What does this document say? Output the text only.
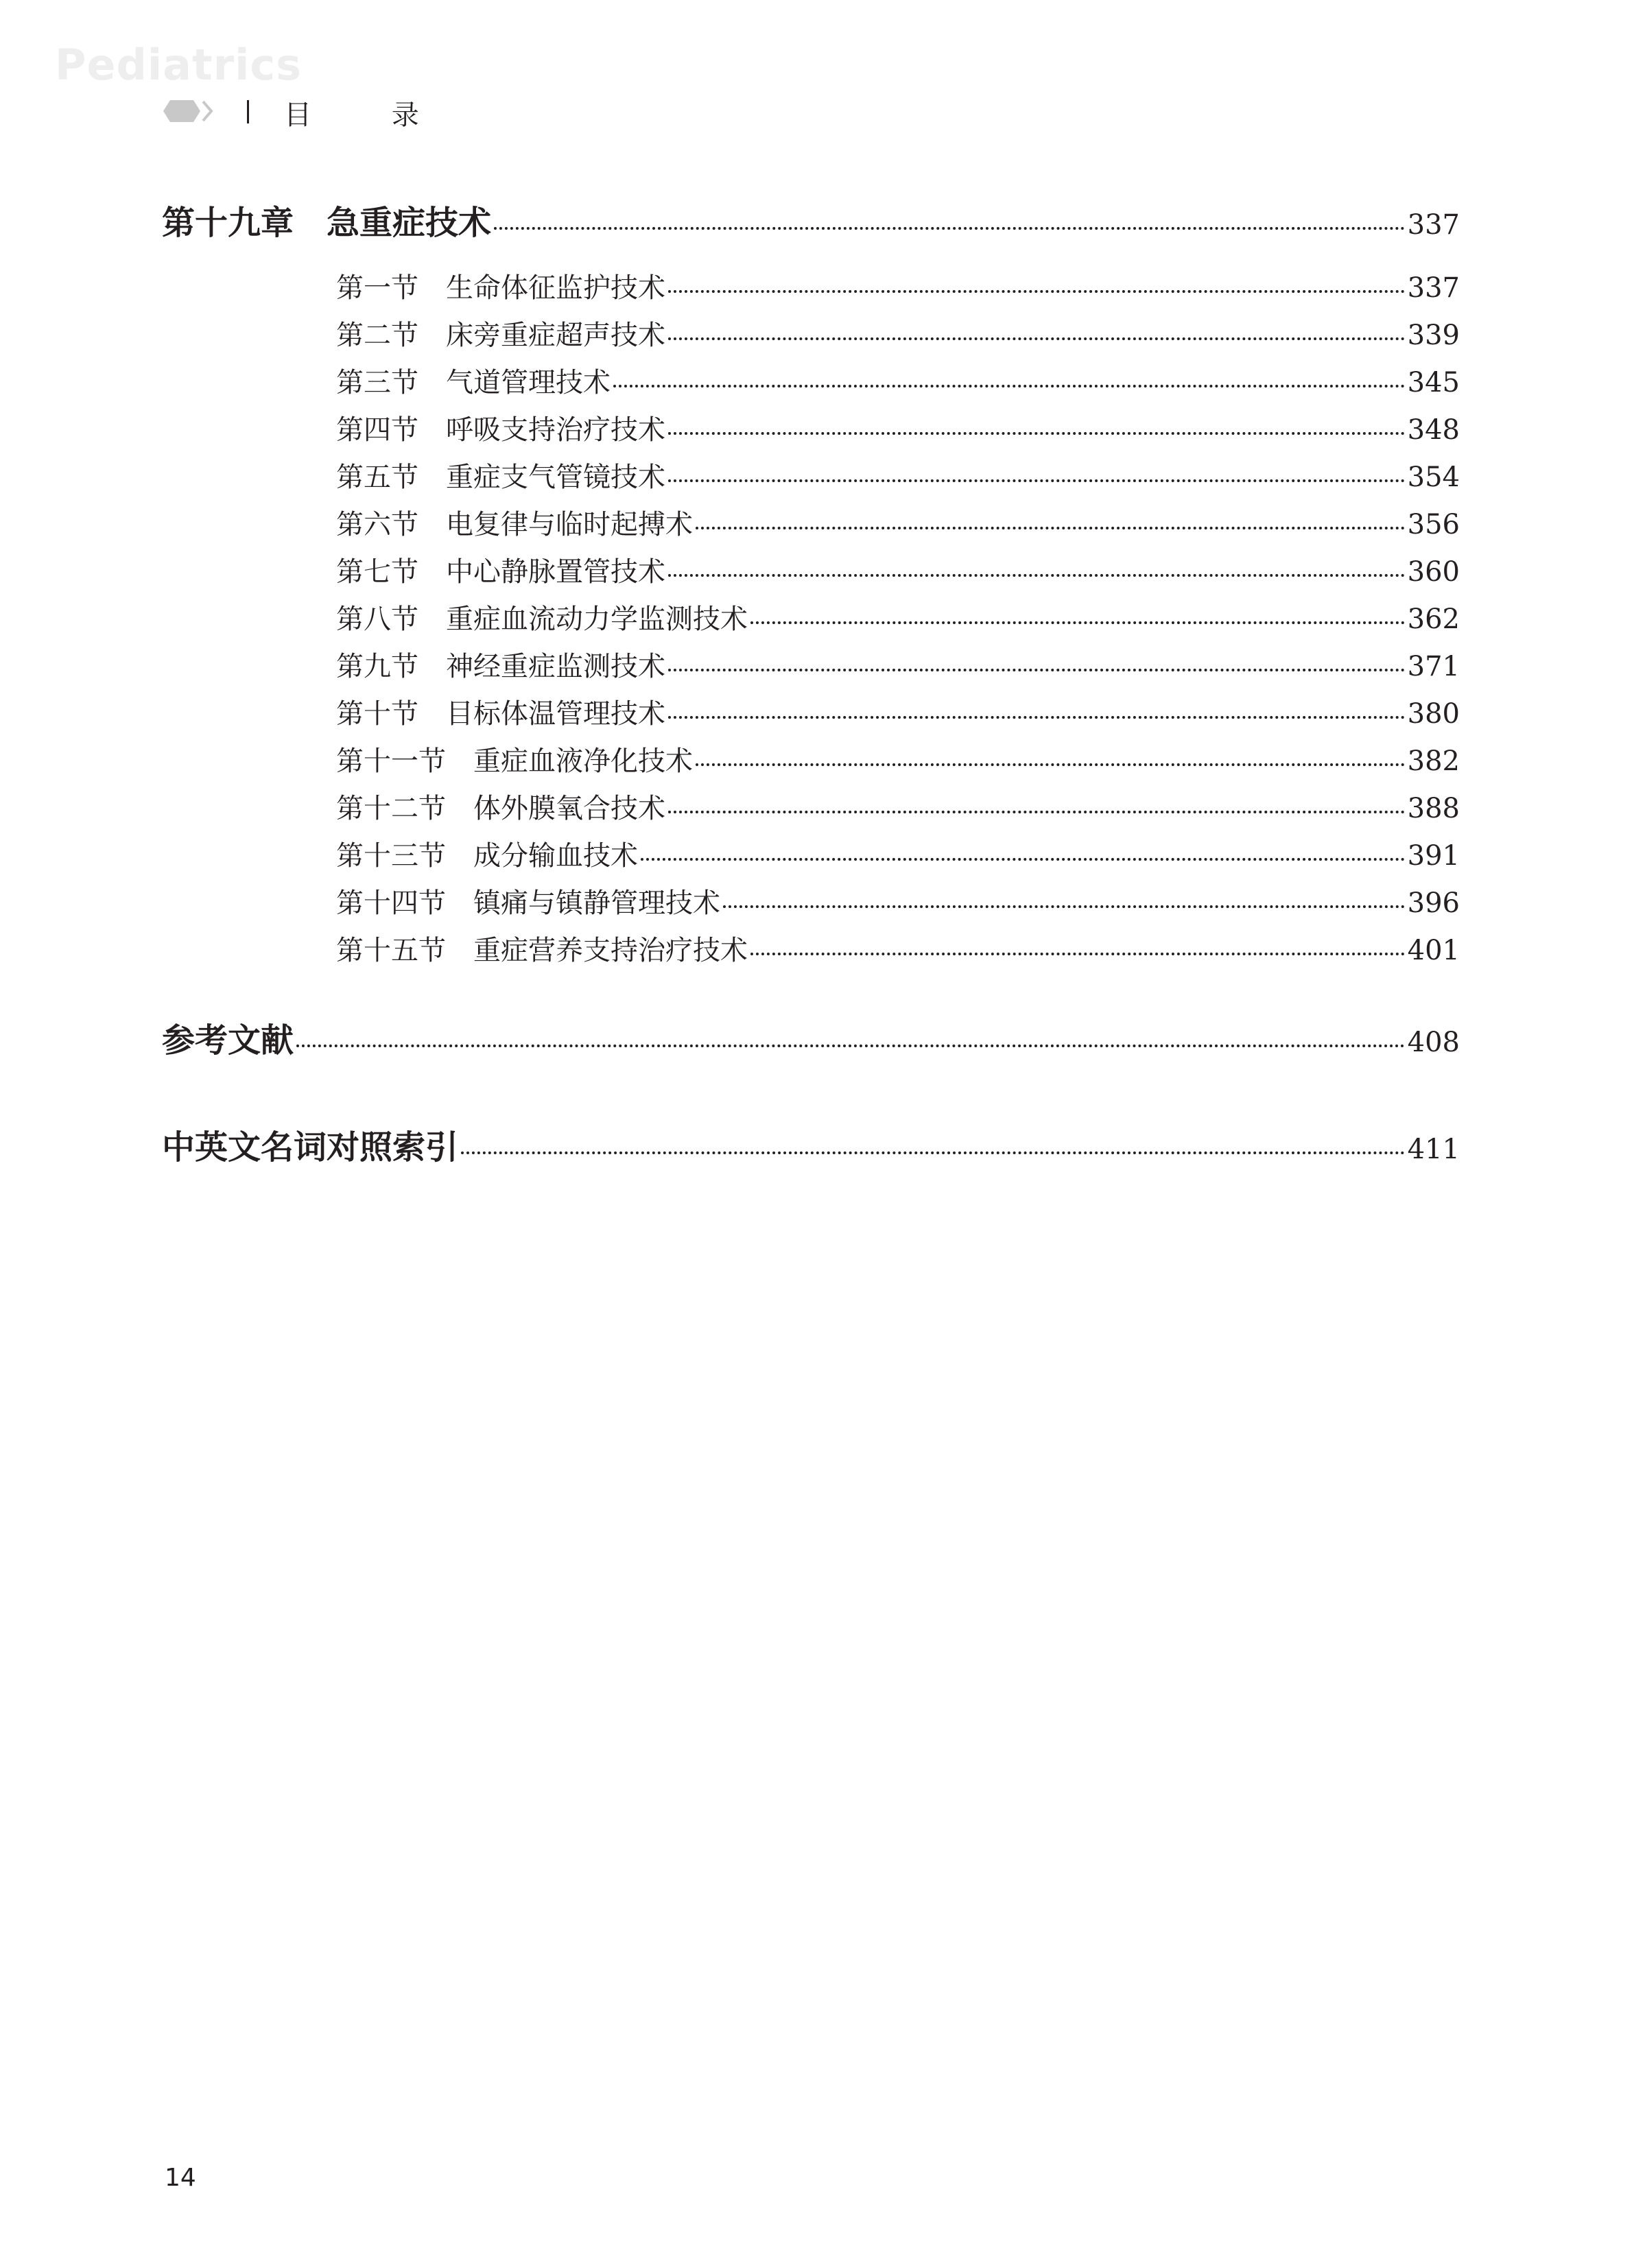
Pediatrics
目 录
第十九章　急重症技术	337
第一节　生命体征监护技术	337
第二节　床旁重症超声技术	339
第三节　气道管理技术	345
第四节　呼吸支持治疗技术	348
第五节　重症支气管镜技术	354
第六节　电复律与临时起搏术	356
第七节　中心静脉置管技术	360
第八节　重症血流动力学监测技术	362
第九节　神经重症监测技术	371
第十节　目标体温管理技术	380
第十一节　重症血液净化技术	382
第十二节　体外膜氧合技术	388
第十三节　成分输血技术	391
第十四节　镇痛与镇静管理技术	396
第十五节　重症营养支持治疗技术	401
参考文献	408
中英文名词对照索引	411
14
